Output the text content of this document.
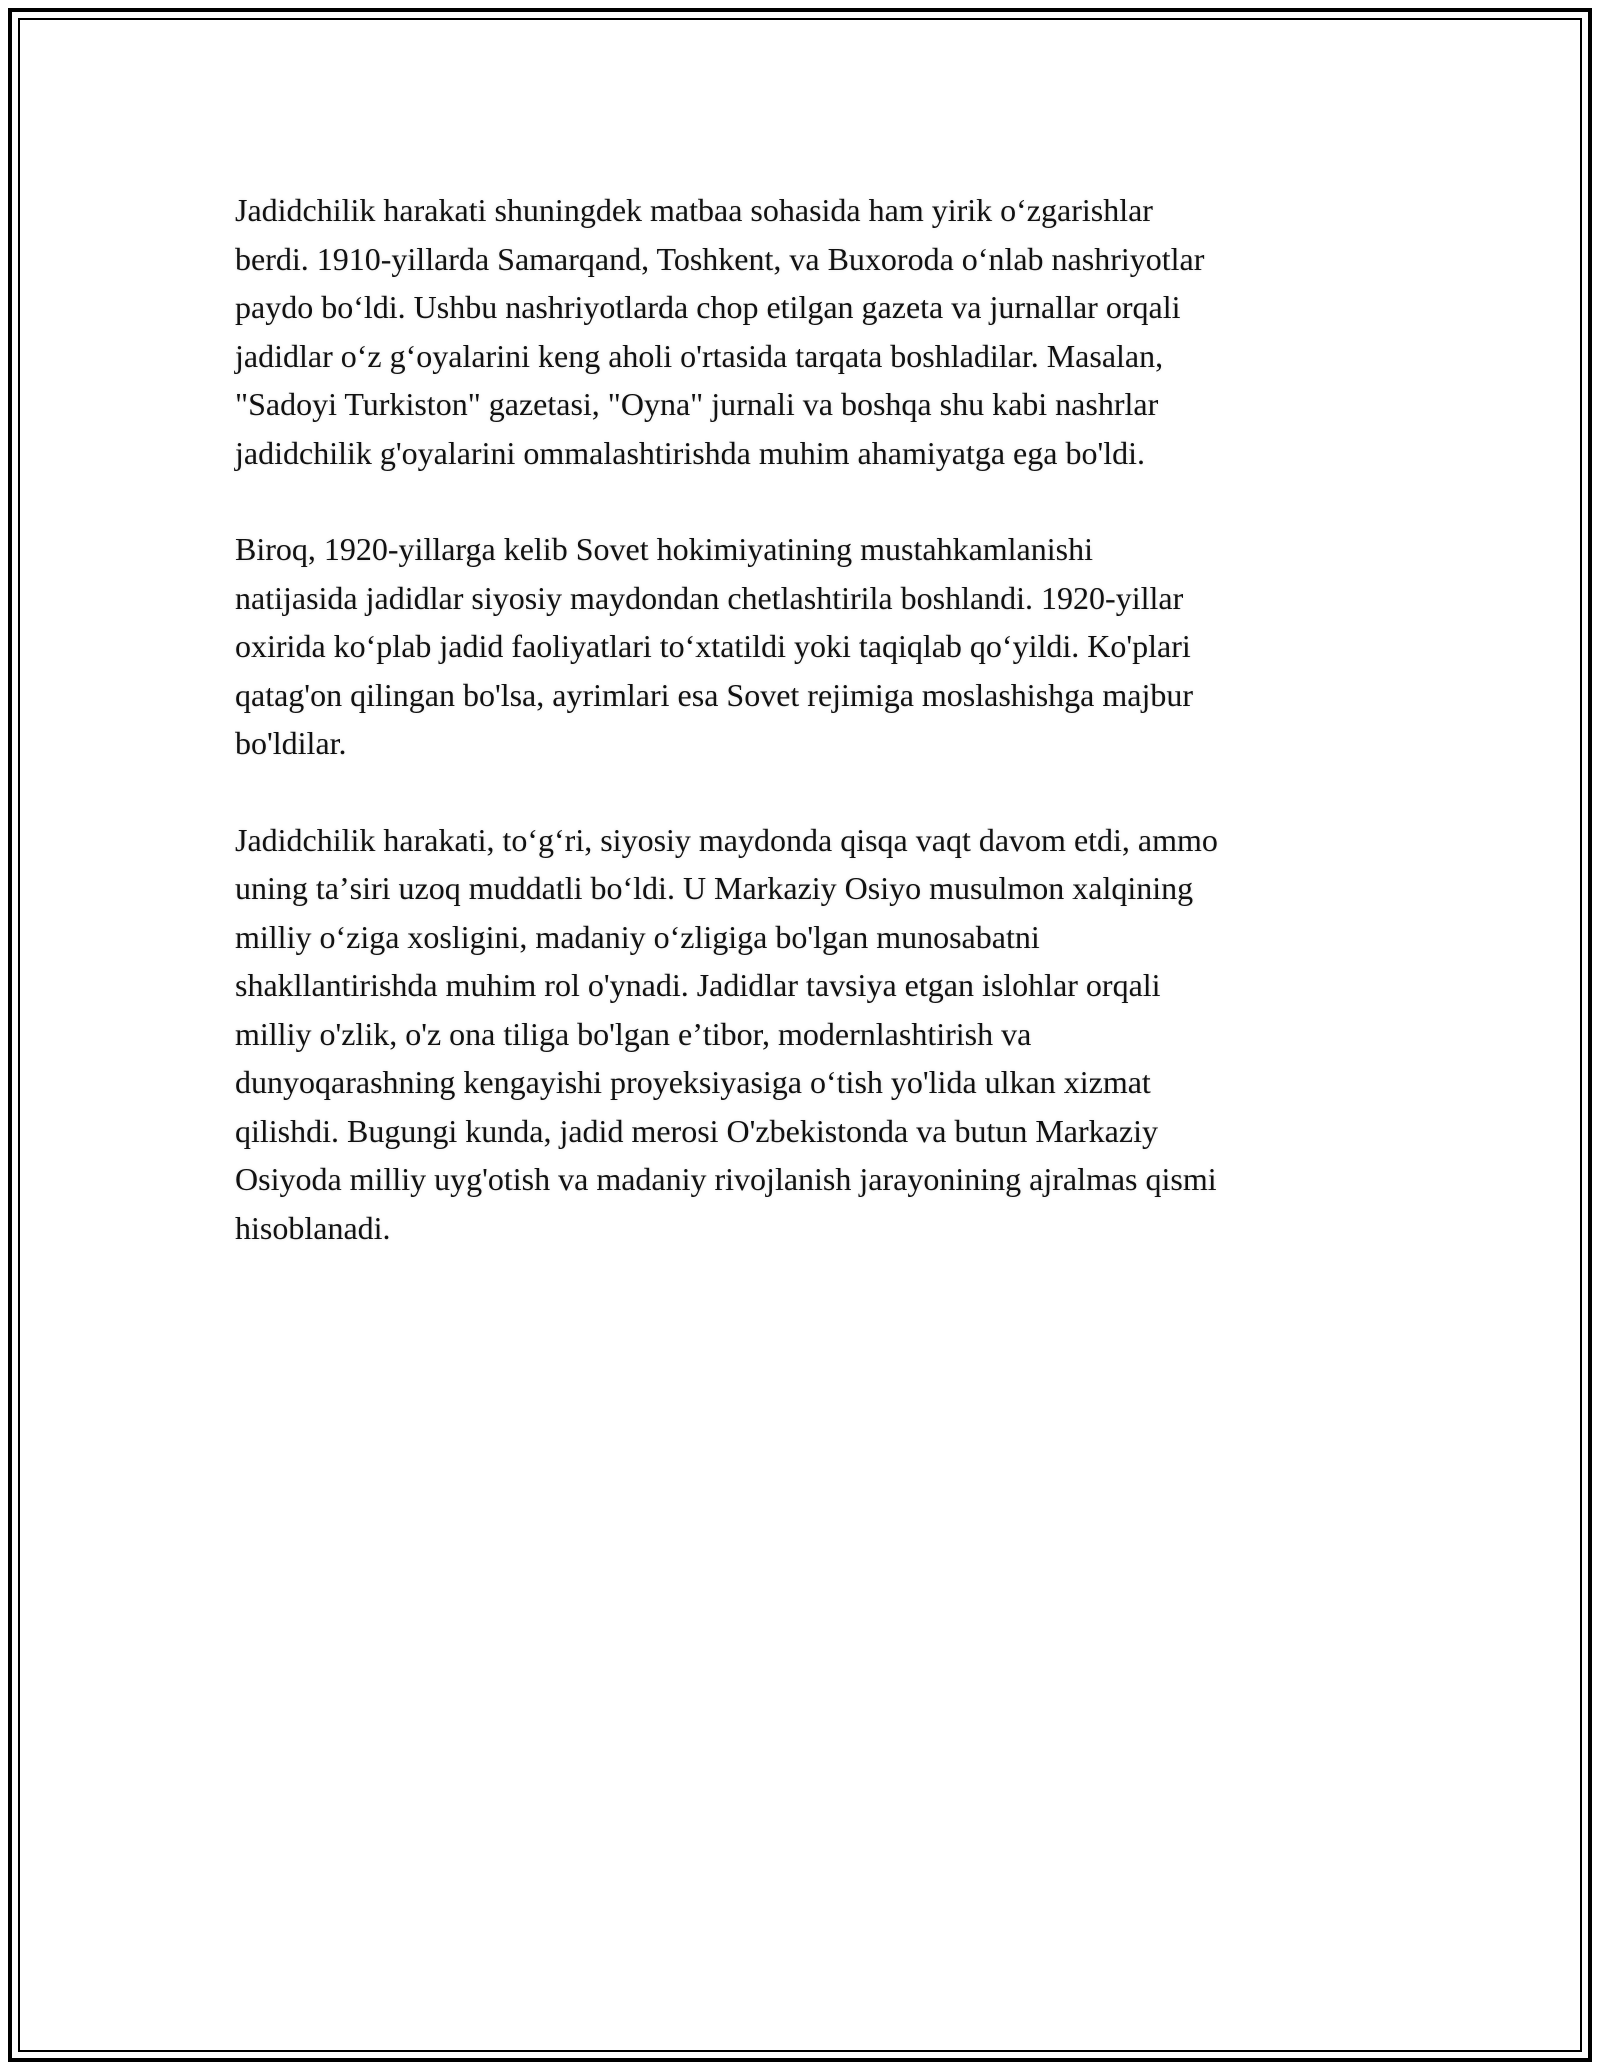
Jadidchilik harakati shuningdek matbaa sohasida ham yirik oʻzgarishlar
berdi. 1910-yillarda Samarqand, Toshkent, va Buxoroda oʻnlab nashriyotlar
paydo boʻldi. Ushbu nashriyotlarda chop etilgan gazeta va jurnallar orqali
jadidlar oʻz gʻoyalarini keng aholi o'rtasida tarqata boshladilar. Masalan,
"Sadoyi Turkiston" gazetasi, "Oyna" jurnali va boshqa shu kabi nashrlar
jadidchilik g'oyalarini ommalashtirishda muhim ahamiyatga ega bo'ldi.

Biroq, 1920-yillarga kelib Sovet hokimiyatining mustahkamlanishi
natijasida jadidlar siyosiy maydondan chetlashtirila boshlandi. 1920-yillar
oxirida koʻplab jadid faoliyatlari toʻxtatildi yoki taqiqlab qoʻyildi. Ko'plari
qatag'on qilingan bo'lsa, ayrimlari esa Sovet rejimiga moslashishga majbur
bo'ldilar.

Jadidchilik harakati, toʻgʻri, siyosiy maydonda qisqa vaqt davom etdi, ammo
uning taʼsiri uzoq muddatli boʻldi. U Markaziy Osiyo musulmon xalqining
milliy oʻziga xosligini, madaniy oʻzligiga bo'lgan munosabatni
shakllantirishda muhim rol o'ynadi. Jadidlar tavsiya etgan islohlar orqali
milliy o'zlik, o'z ona tiliga bo'lgan eʼtibor, modernlashtirish va
dunyoqarashning kengayishi proyeksiyasiga oʻtish yo'lida ulkan xizmat
qilishdi. Bugungi kunda, jadid merosi O'zbekistonda va butun Markaziy
Osiyoda milliy uyg'otish va madaniy rivojlanish jarayonining ajralmas qismi
hisoblanadi.
